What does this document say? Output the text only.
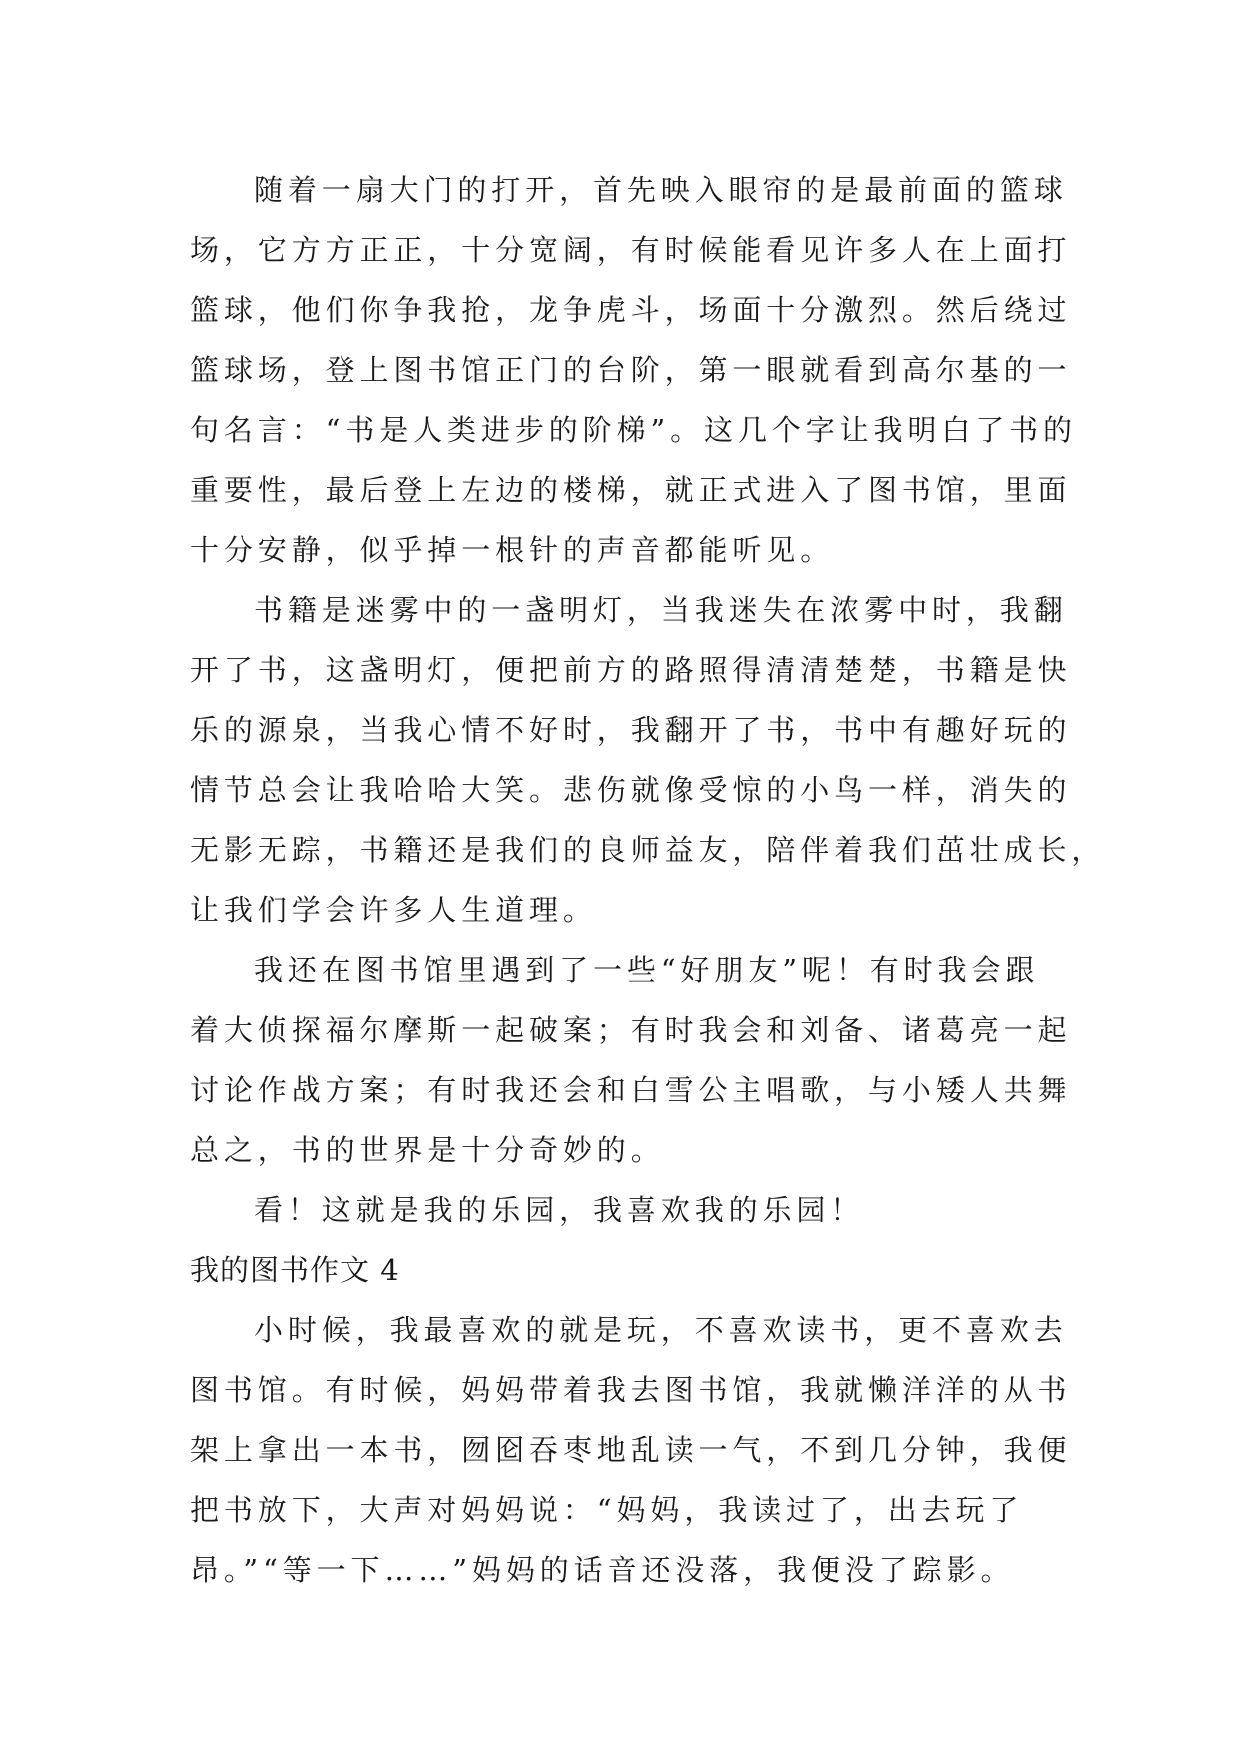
随着一扇大门的打开，首先映入眼帘的是最前面的篮球
场，它方方正正，十分宽阔，有时候能看见许多人在上面打
篮球，他们你争我抢，龙争虎斗，场面十分激烈。然后绕过
篮球场，登上图书馆正门的台阶，第一眼就看到高尔基的一
句名言：“书是人类进步的阶梯”。这几个字让我明白了书的
重要性，最后登上左边的楼梯，就正式进入了图书馆，里面
十分安静，似乎掉一根针的声音都能听见。
书籍是迷雾中的一盏明灯，当我迷失在浓雾中时，我翻
开了书，这盏明灯，便把前方的路照得清清楚楚，书籍是快
乐的源泉，当我心情不好时，我翻开了书，书中有趣好玩的
情节总会让我哈哈大笑。悲伤就像受惊的小鸟一样，消失的
无影无踪，书籍还是我们的良师益友，陪伴着我们茁壮成长，
让我们学会许多人生道理。
我还在图书馆里遇到了一些“好朋友”呢！有时我会跟
着大侦探福尔摩斯一起破案；有时我会和刘备、诸葛亮一起
讨论作战方案；有时我还会和白雪公主唱歌，与小矮人共舞
总之，书的世界是十分奇妙的。
看！这就是我的乐园，我喜欢我的乐园！
我的图书作文 4
小时候，我最喜欢的就是玩，不喜欢读书，更不喜欢去
图书馆。有时候，妈妈带着我去图书馆，我就懒洋洋的从书
架上拿出一本书，囫囵吞枣地乱读一气，不到几分钟，我便
把书放下，大声对妈妈说：“妈妈，我读过了，出去玩了
昂。”“等一下……”妈妈的话音还没落，我便没了踪影。
